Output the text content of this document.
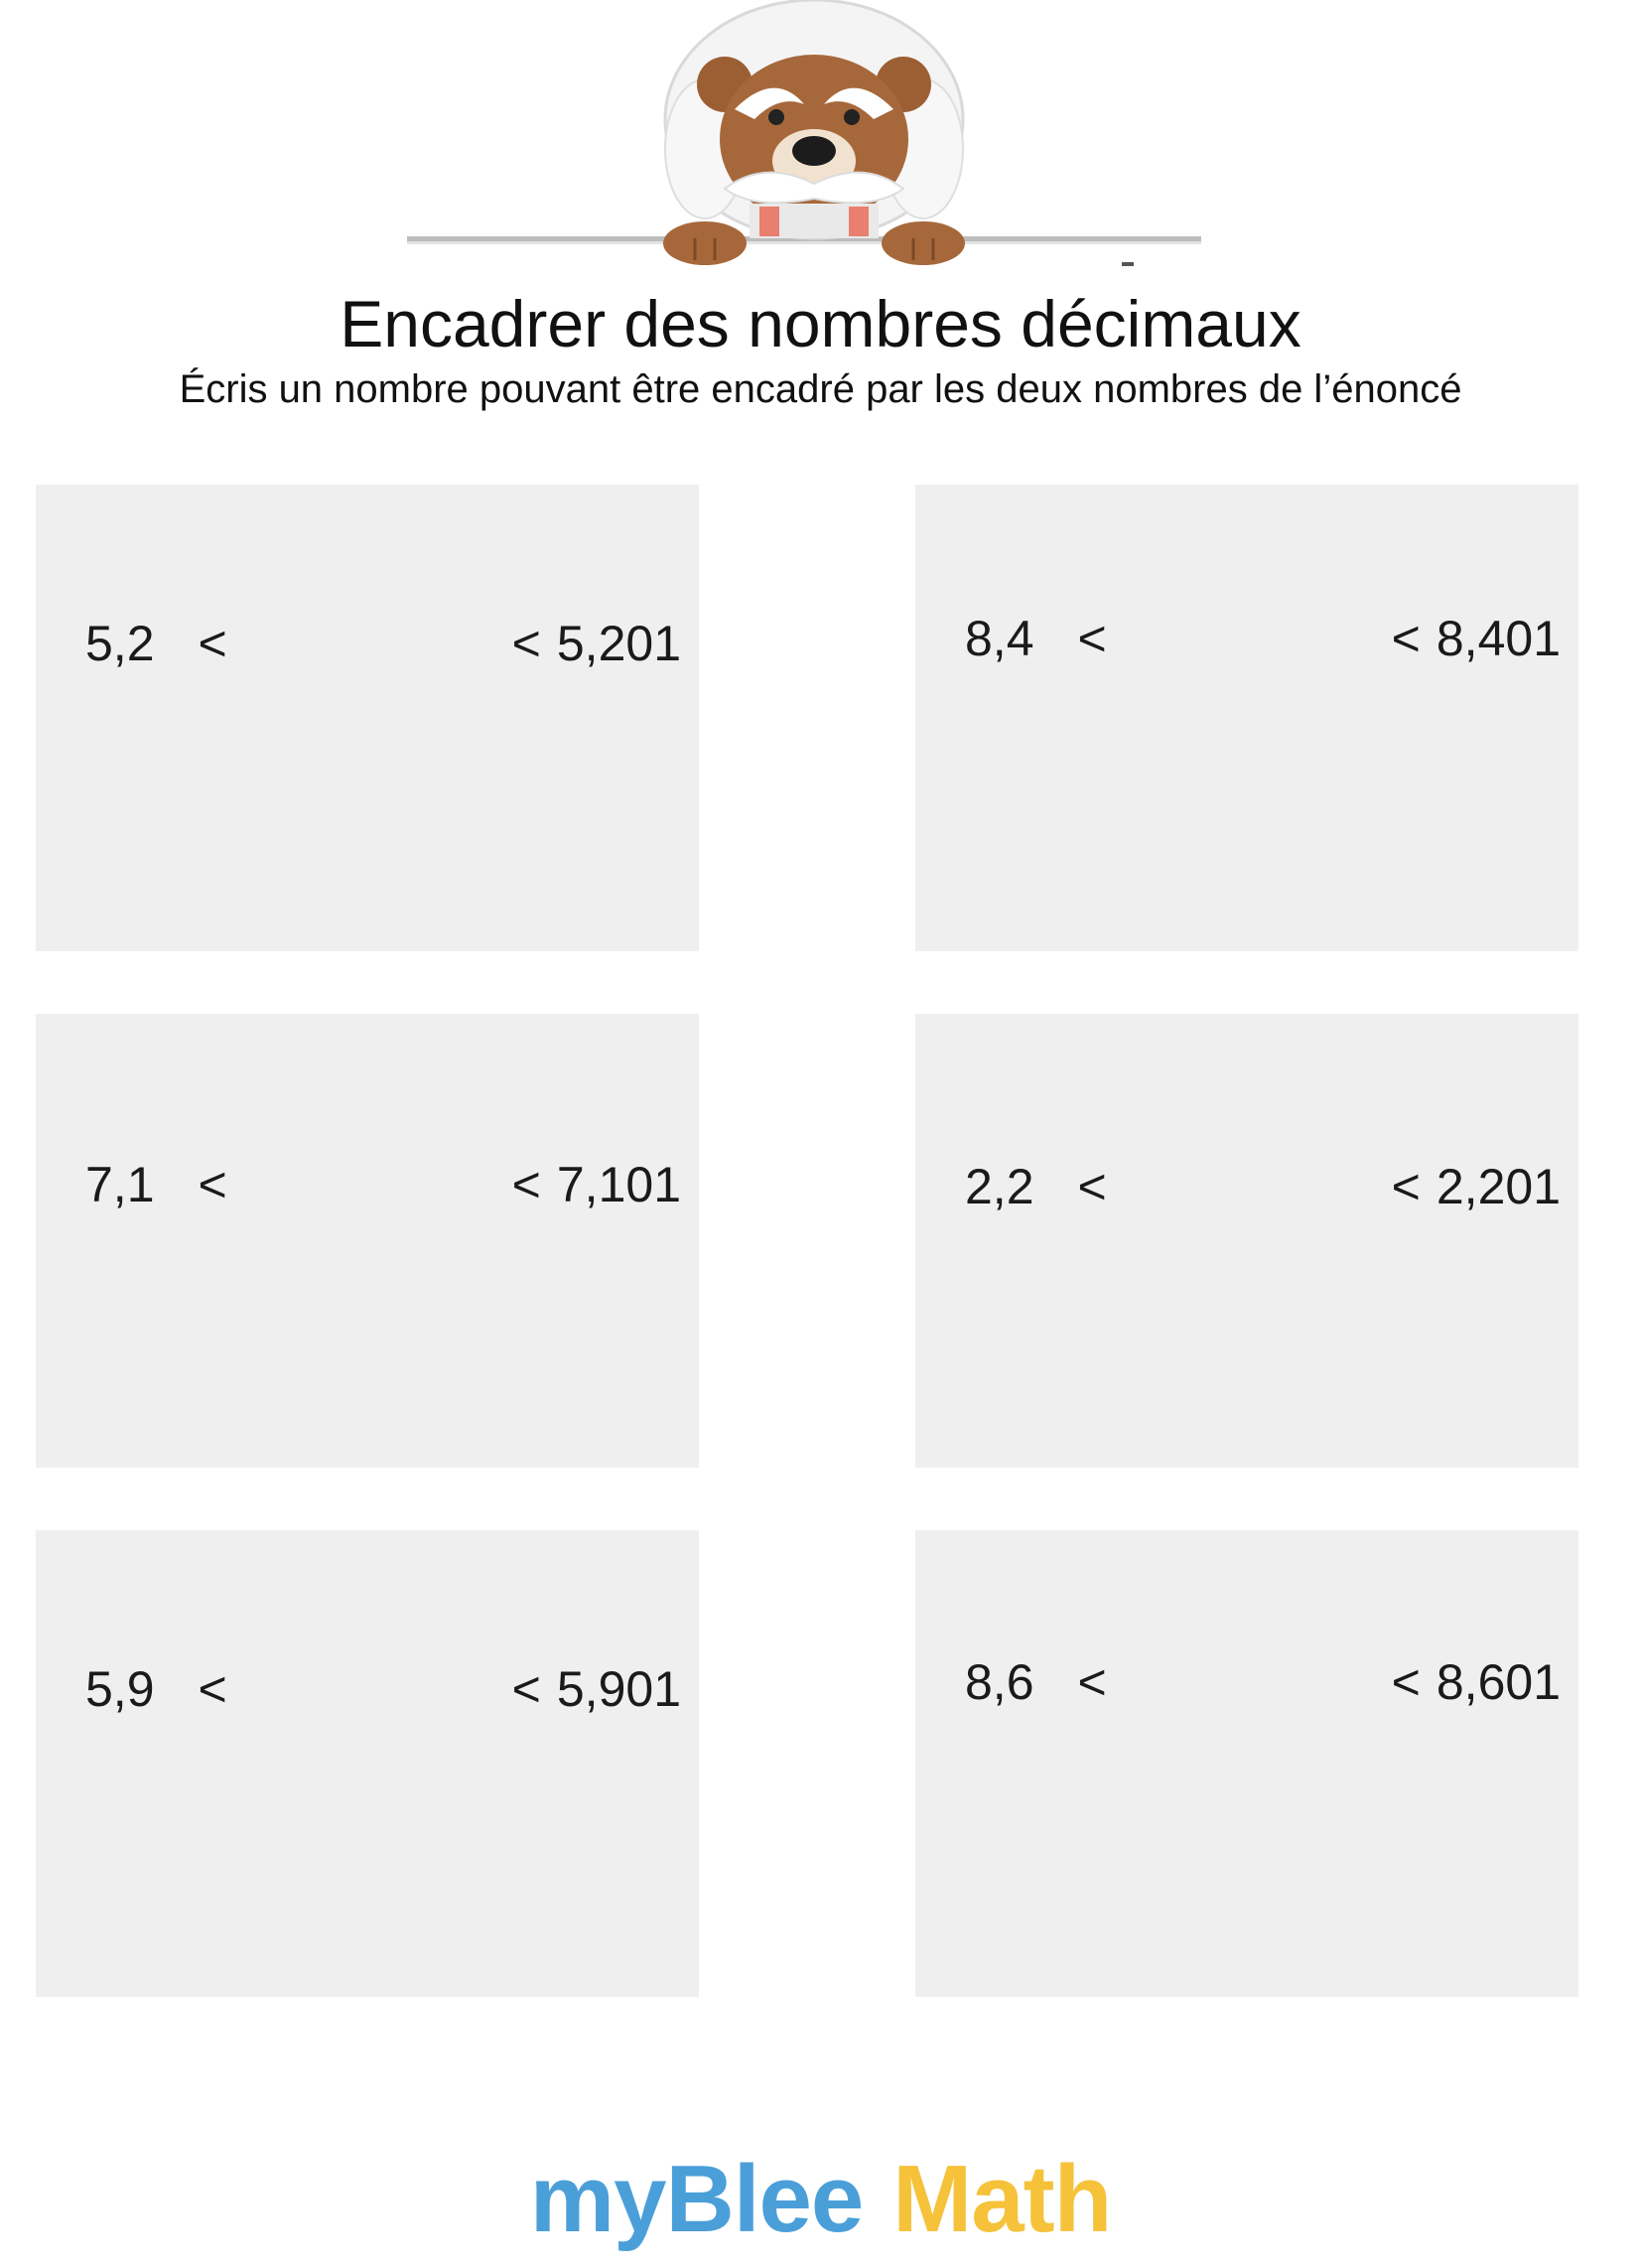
Encadrer des nombres décimaux
Écris un nombre pouvant être encadré par les deux nombres de l’énoncé
5,2 <	< 5,201	8,4 <	< 8,401
7,1 <	< 7,101	2,2 <	< 2,201
5,9 <	< 5,901	8,6 <	< 8,601
myBlee Math
